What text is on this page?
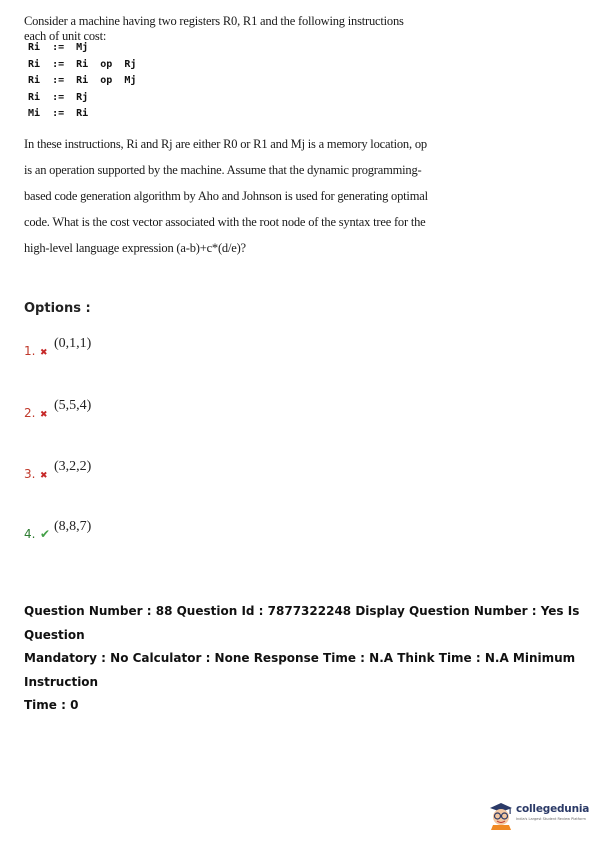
Consider a machine having two registers R0, R1 and the following instructions each of unit cost:
Ri  :=  Mj
Ri  :=  Ri  op  Rj
Ri  :=  Ri  op  Mj
Ri  :=  Rj
Mi  :=  Ri
In these instructions, Ri and Rj are either R0 or R1 and Mj is a memory location, op
is an operation supported by the machine. Assume that the dynamic programming-
based code generation algorithm by Aho and Johnson is used for generating optimal
code. What is the cost vector associated with the root node of the syntax tree for the
high-level language expression (a-b)+c*(d/e)?
Options :
1. ✖
(0,1,1)
2. ✖
(5,5,4)
3. ✖
(3,2,2)
4. ✔ (8,8,7)
Question Number : 88 Question Id : 7877322248 Display Question Number : Yes Is Question
Mandatory : No Calculator : None Response Time : N.A Think Time : N.A Minimum Instruction
Time : 0
collegedunia
India's Largest Student Review Platform
